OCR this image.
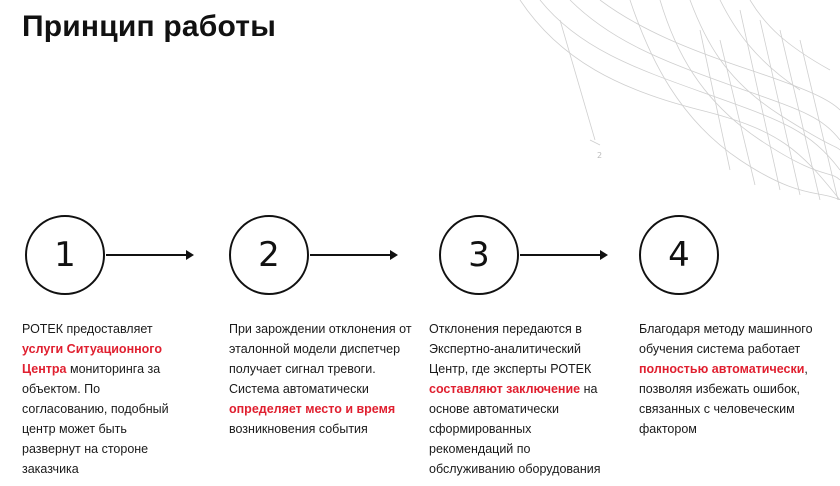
Принцип работы
2
1	2	3	4
РОТЕК предоставляет услуги Ситуационного Центра мониторинга за объектом. По согласованию, подобный центр может быть развернут на стороне заказчика
При зарождении отклонения от эталонной модели диспетчер получает сигнал тревоги. Система автоматически определяет место и время возникновения события
Отклонения передаются в Экспертно-аналитический Центр, где эксперты РОТЕК составляют заключение на основе автоматически сформированных рекомендаций по обслуживанию оборудования
Благодаря методу машинного обучения система работает полностью автоматически, позволяя избежать ошибок, связанных с человеческим фактором
